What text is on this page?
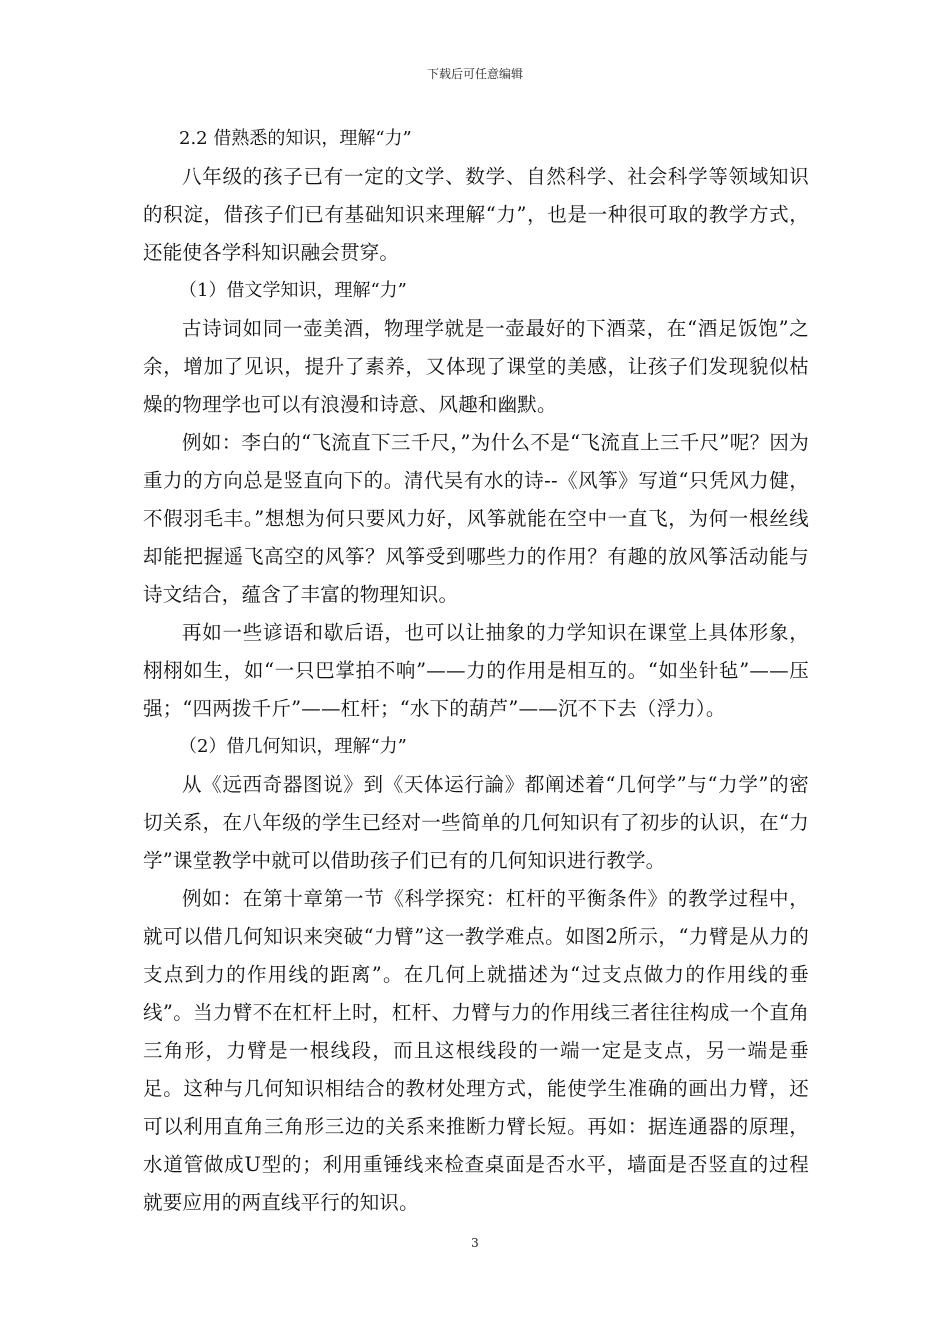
下载后可任意编辑

2.2 借熟悉的知识，理解“力”

八年级的孩子已有一定的文学、数学、自然科学、社会科学等领域知识的积淀，借孩子们已有基础知识来理解“力”，也是一种很可取的教学方式，还能使各学科知识融会贯穿。

（1）借文学知识，理解“力”

古诗词如同一壶美酒，物理学就是一壶最好的下酒菜，在“酒足饭饱”之余，增加了见识，提升了素养，又体现了课堂的美感，让孩子们发现貌似枯燥的物理学也可以有浪漫和诗意、风趣和幽默。

例如：李白的“飞流直下三千尺，”为什么不是“飞流直上三千尺”呢？因为重力的方向总是竖直向下的。清代吴有水的诗--《风筝》写道“只凭风力健，不假羽毛丰。”想想为何只要风力好，风筝就能在空中一直飞，为何一根丝线却能把握遥飞高空的风筝？风筝受到哪些力的作用？有趣的放风筝活动能与诗文结合，蕴含了丰富的物理知识。

再如一些谚语和歇后语，也可以让抽象的力学知识在课堂上具体形象，栩栩如生，如“一只巴掌拍不响”——力的作用是相互的。“如坐针毡”——压强；“四两拨千斤”——杠杆；“水下的葫芦”——沉不下去（浮力）。

（2）借几何知识，理解“力”

从《远西奇器图说》到《天体运行論》都阐述着“几何学”与“力学”的密切关系，在八年级的学生已经对一些简单的几何知识有了初步的认识，在“力学”课堂教学中就可以借助孩子们已有的几何知识进行教学。

例如：在第十章第一节《科学探究：杠杆的平衡条件》的教学过程中，就可以借几何知识来突破“力臂”这一教学难点。如图2所示，“力臂是从力的支点到力的作用线的距离”。在几何上就描述为“过支点做力的作用线的垂线”。当力臂不在杠杆上时，杠杆、力臂与力的作用线三者往往构成一个直角三角形，力臂是一根线段，而且这根线段的一端一定是支点，另一端是垂足。这种与几何知识相结合的教材处理方式，能使学生准确的画出力臂，还可以利用直角三角形三边的关系来推断力臂长短。再如：据连通器的原理，水道管做成U型的；利用重锤线来检查桌面是否水平，墙面是否竖直的过程就要应用的两直线平行的知识。

3
